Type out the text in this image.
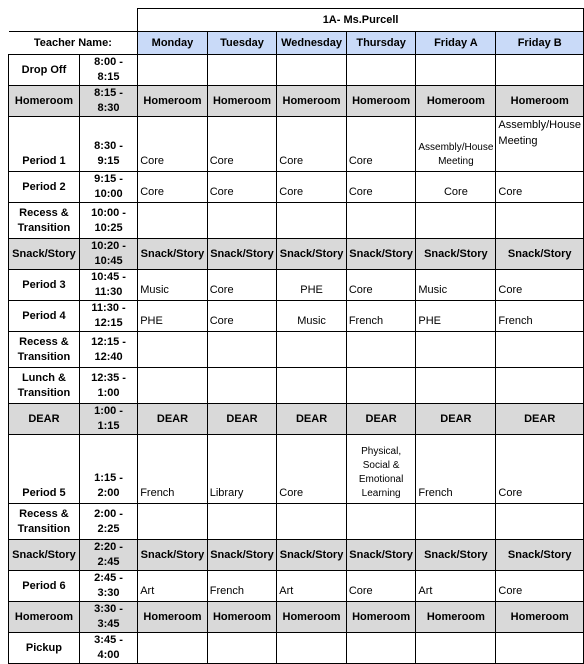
		1A- Ms.Purcell					
Teacher Name:		Monday	Tuesday	Wednesday	Thursday	Friday A	Friday B
Drop Off	8:00 - 8:15						
Homeroom	8:15 - 8:30	Homeroom	Homeroom	Homeroom	Homeroom	Homeroom	Homeroom
Period 1	8:30 - 9:15	Core	Core	Core	Core	Assembly/House Meeting	Assembly/House Meeting
Period 2	9:15 - 10:00	Core	Core	Core	Core	Core	Core
Recess & Transition	10:00 - 10:25						
Snack/Story	10:20 - 10:45	Snack/Story	Snack/Story	Snack/Story	Snack/Story	Snack/Story	Snack/Story
Period 3	10:45 - 11:30	Music	Core	PHE	Core	Music	Core
Period 4	11:30 - 12:15	PHE	Core	Music	French	PHE	French
Recess & Transition	12:15 - 12:40						
Lunch & Transition	12:35 - 1:00						
DEAR	1:00 - 1:15	DEAR	DEAR	DEAR	DEAR	DEAR	DEAR
Period 5	1:15 - 2:00	French	Library	Core	Physical, Social & Emotional Learning	French	Core
Recess & Transition	2:00 - 2:25						
Snack/Story	2:20 - 2:45	Snack/Story	Snack/Story	Snack/Story	Snack/Story	Snack/Story	Snack/Story
Period 6	2:45 - 3:30	Art	French	Art	Core	Art	Core
Homeroom	3:30 - 3:45	Homeroom	Homeroom	Homeroom	Homeroom	Homeroom	Homeroom
Pickup	3:45 - 4:00						
